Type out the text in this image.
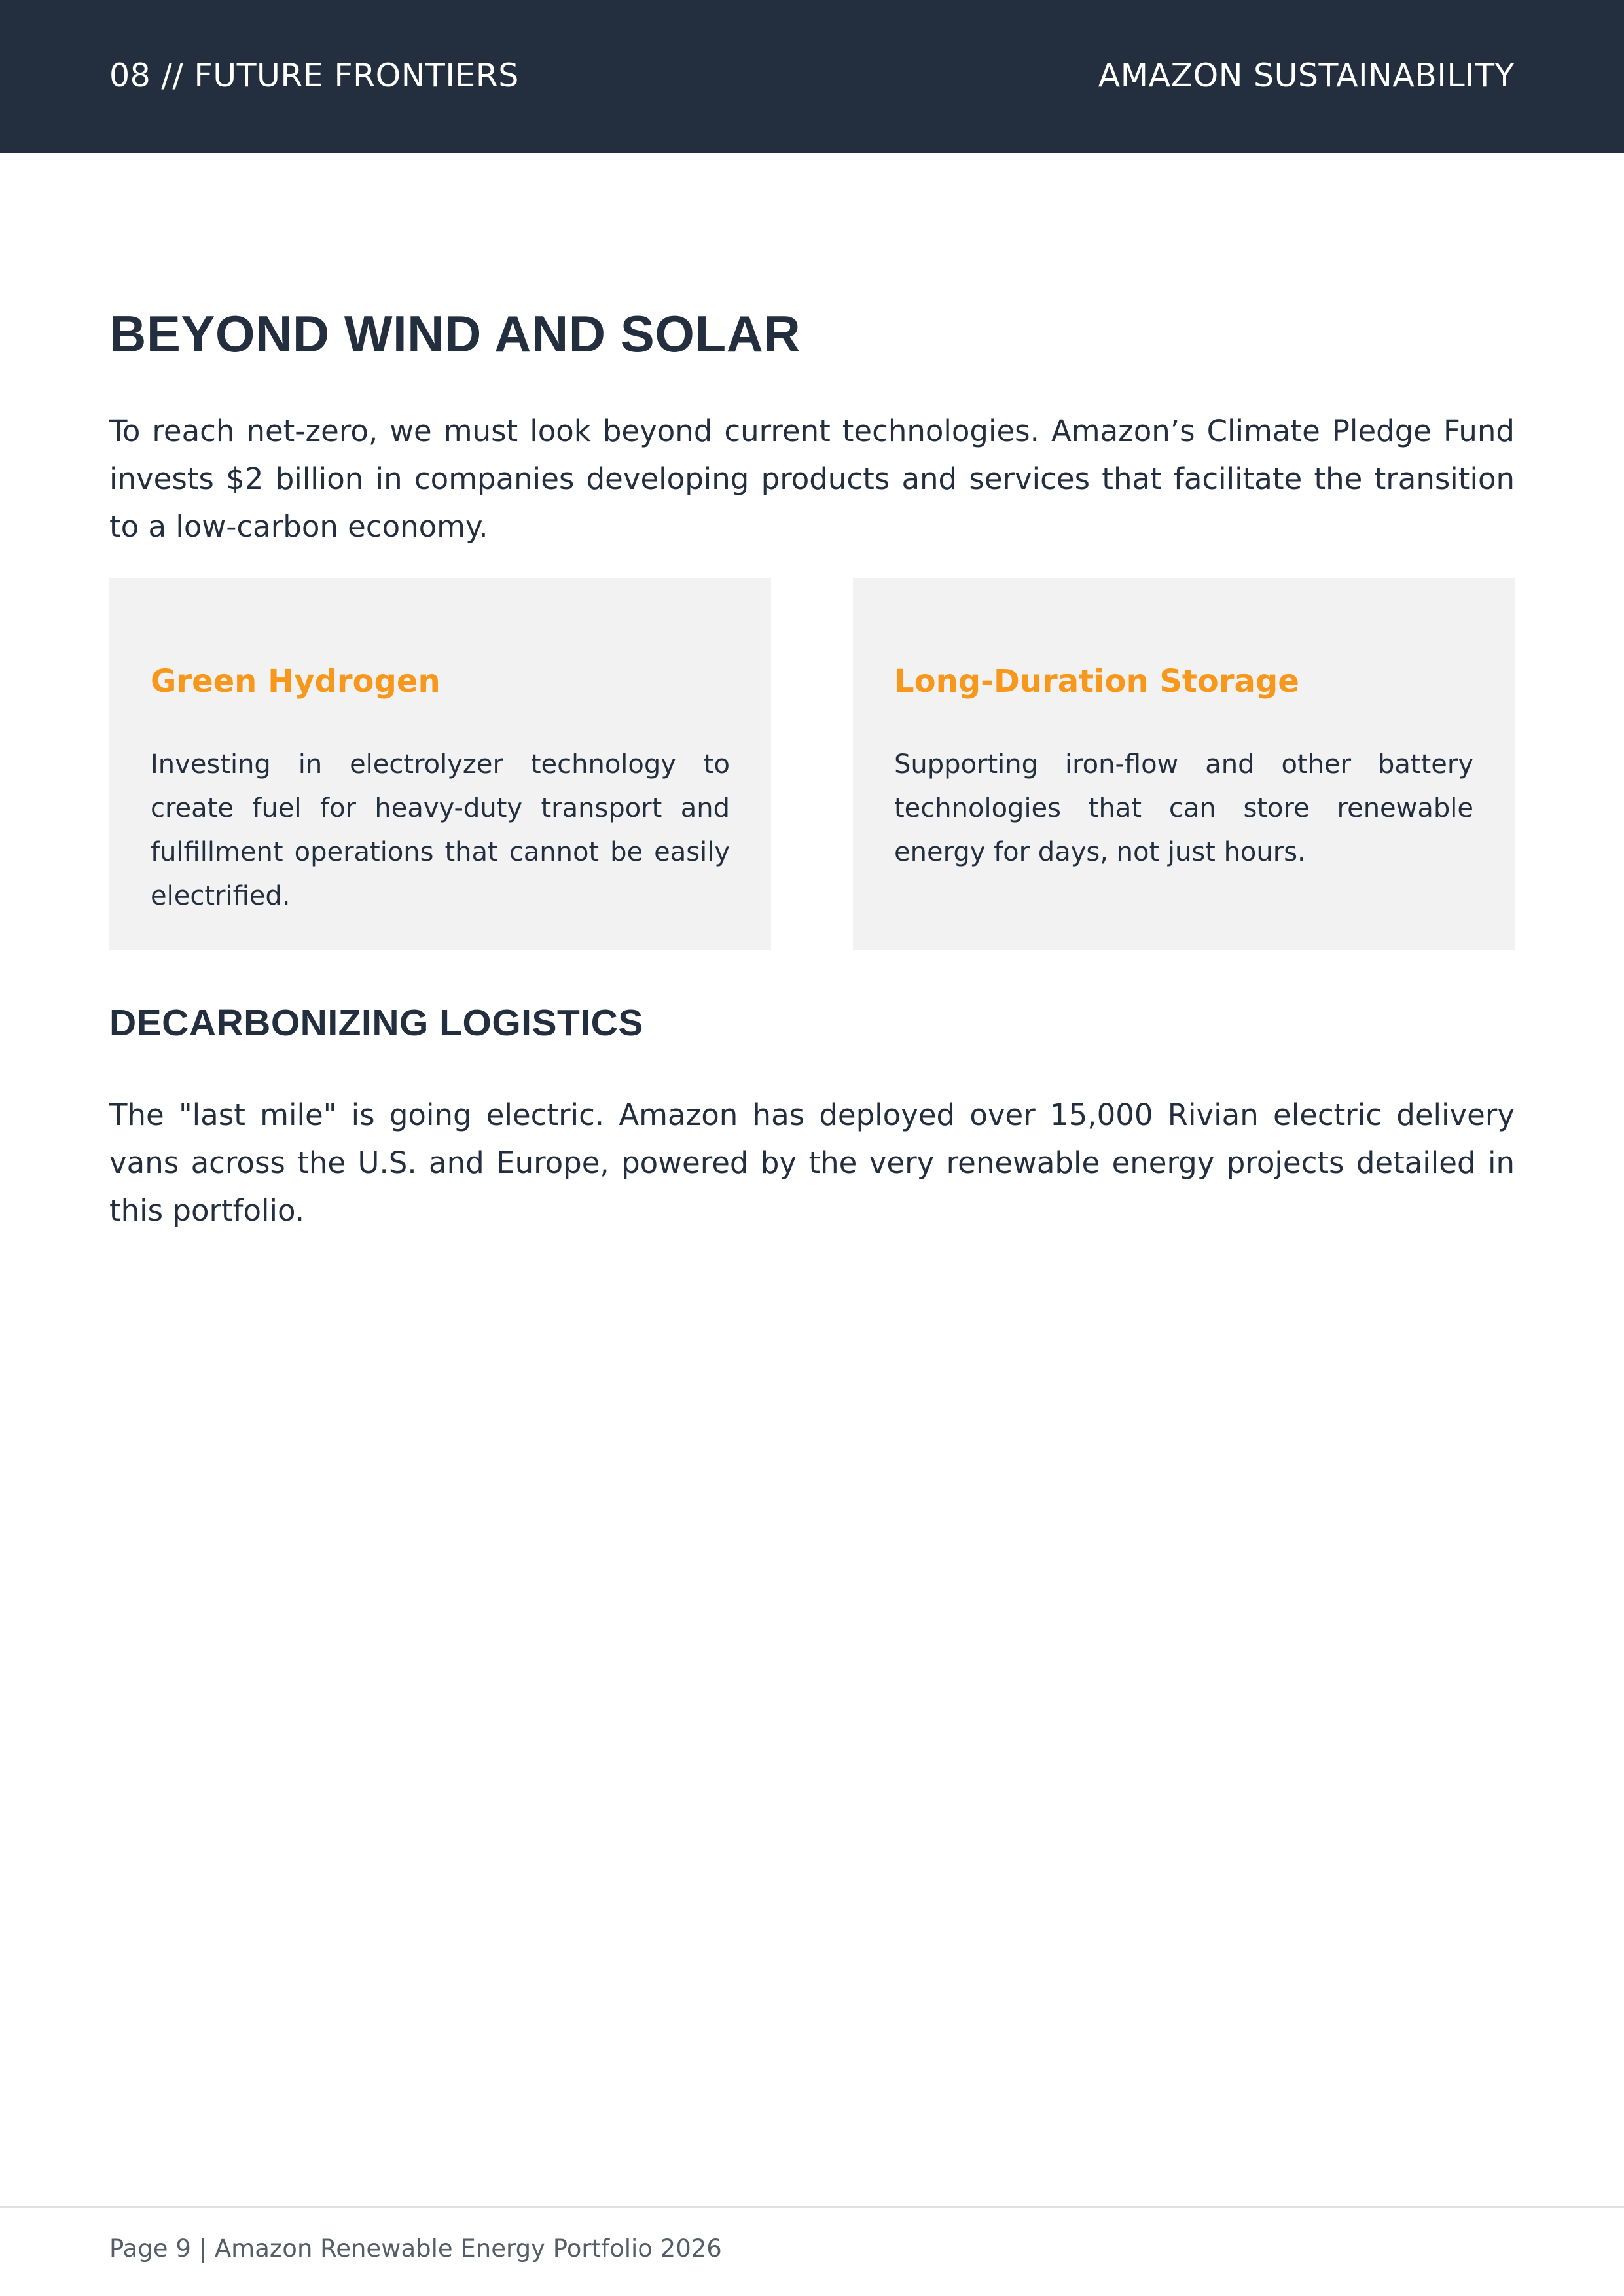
08 // FUTURE FRONTIERS	AMAZON SUSTAINABILITY
BEYOND WIND AND SOLAR

To reach net-zero, we must look beyond current technologies. Amazon’s Climate Pledge Fund invests $2 billion in companies developing products and services that facilitate the transition to a low-carbon economy.

Green Hydrogen

Investing in electrolyzer technology to create fuel for heavy-duty transport and fulfillment operations that cannot be easily electrified.

Long-Duration Storage

Supporting iron-flow and other battery technologies that can store renewable energy for days, not just hours.

DECARBONIZING LOGISTICS

The "last mile" is going electric. Amazon has deployed over 15,000 Rivian electric delivery vans across the U.S. and Europe, powered by the very renewable energy projects detailed in this portfolio.

Page 9 | Amazon Renewable Energy Portfolio 2026
